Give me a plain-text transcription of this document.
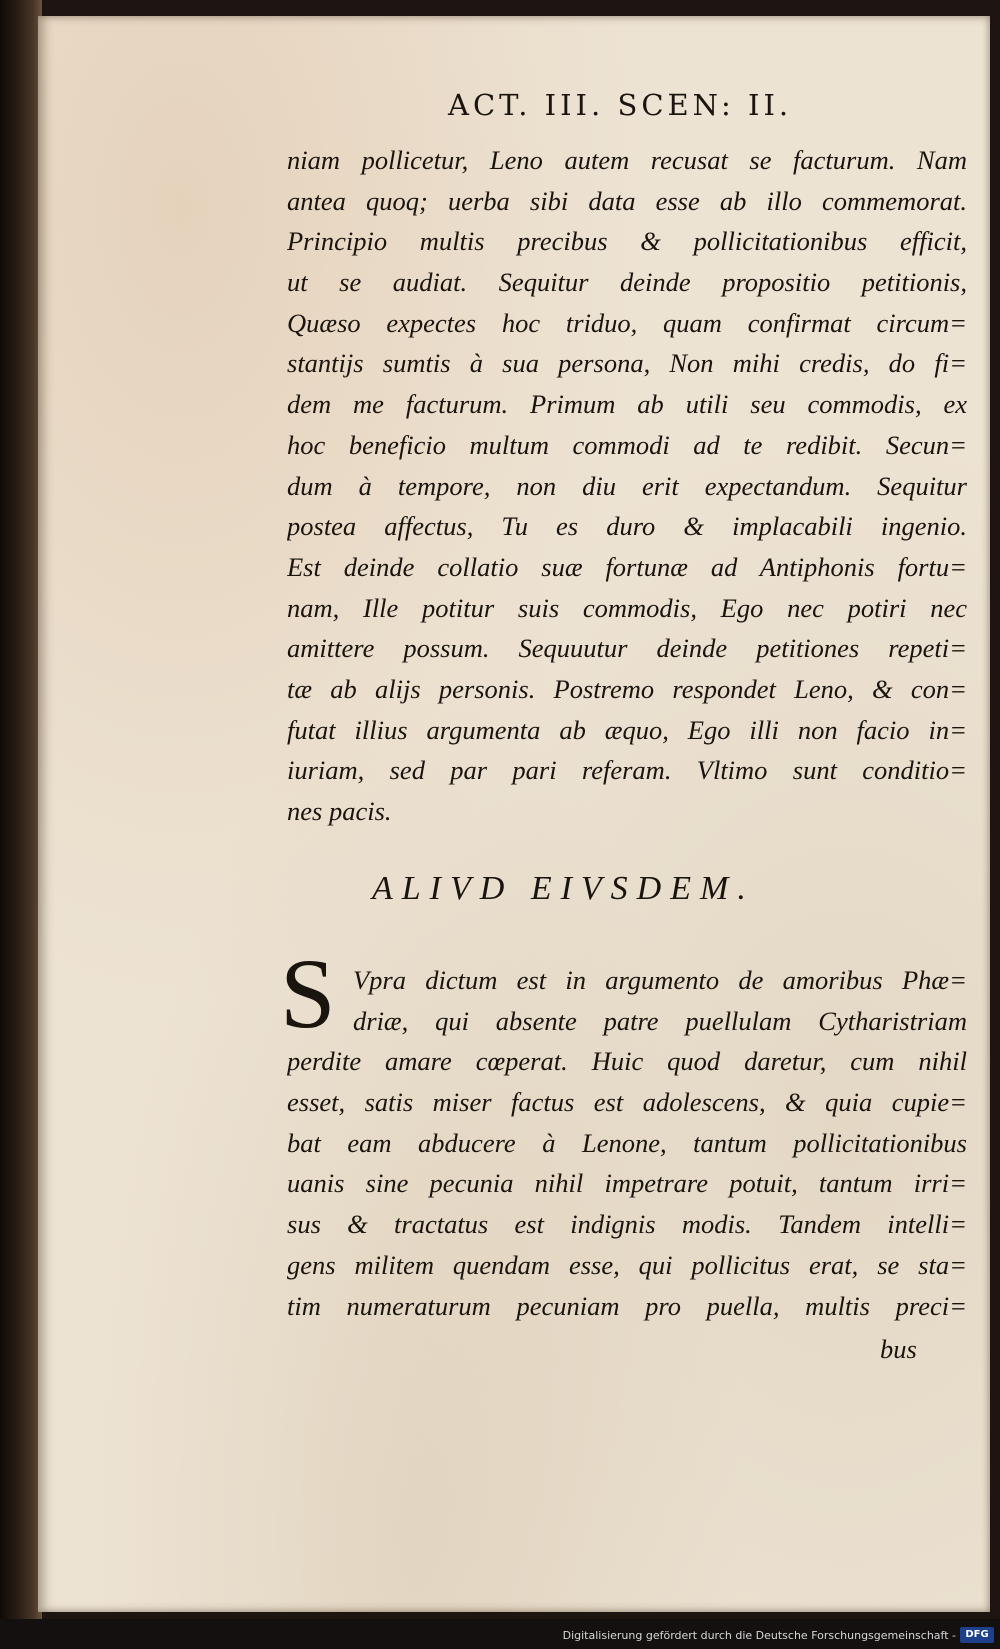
ACT. III. SCEN: II.
niam pollicetur, Leno autem recusat se facturum. Nam
antea quoq; uerba sibi data esse ab illo commemorat.
Principio multis precibus & pollicitationibus efficit,
ut se audiat. Sequitur deinde propositio petitionis,
Quæso expectes hoc triduo, quam confirmat circum=
stantijs sumtis à sua persona, Non mihi credis, do fi=
dem me facturum. Primum ab utili seu commodis, ex
hoc beneficio multum commodi ad te redibit. Secun=
dum à tempore, non diu erit expectandum. Sequitur
postea affectus, Tu es duro & implacabili ingenio.
Est deinde collatio suæ fortunæ ad Antiphonis fortu=
nam, Ille potitur suis commodis, Ego nec potiri nec
amittere possum. Sequuutur deinde petitiones repeti=
tæ ab alijs personis. Postremo respondet Leno, & con=
futat illius argumenta ab æquo, Ego illi non facio in=
iuriam, sed par pari referam. Vltimo sunt conditio=
nes pacis.
ALIVD EIVSDEM.
S Vpra dictum est in argumento de amoribus Phæ=
driæ, qui absente patre puellulam Cytharistriam
perdite amare cœperat. Huic quod daretur, cum nihil
esset, satis miser factus est adolescens, & quia cupie=
bat eam abducere à Lenone, tantum pollicitationibus
uanis sine pecunia nihil impetrare potuit, tantum irri=
sus & tractatus est indignis modis. Tandem intelli=
gens militem quendam esse, qui pollicitus erat, se sta=
tim numeraturum pecuniam pro puella, multis preci=
bus
Digitalisierung gefördert durch die Deutsche Forschungsgemeinschaft - DFG
